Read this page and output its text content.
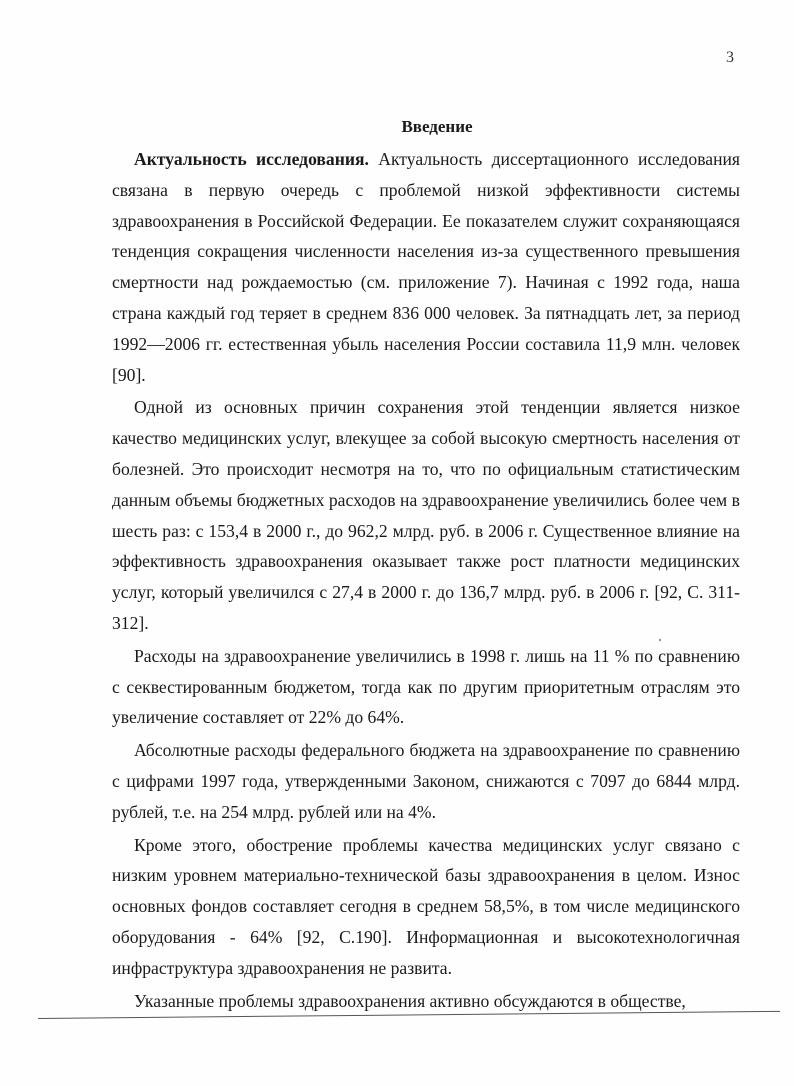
3
Введение

Актуальность исследования. Актуальность диссертационного исследования связана в первую очередь с проблемой низкой эффективности системы здравоохранения в Российской Федерации. Ее показателем служит сохраняющаяся тенденция сокращения численности населения из-за существенного превышения смертности над рождаемостью (см. приложение 7). Начиная с 1992 года, наша страна каждый год теряет в среднем 836 000 человек. За пятнадцать лет, за период 1992—2006 гг. естественная убыль населения России составила 11,9 млн. человек [90].

Одной из основных причин сохранения этой тенденции является низкое качество медицинских услуг, влекущее за собой высокую смертность населения от болезней. Это происходит несмотря на то, что по официальным статистическим данным объемы бюджетных расходов на здравоохранение увеличились более чем в шесть раз: с 153,4 в 2000 г., до 962,2 млрд. руб. в 2006 г. Существенное влияние на эффективность здравоохранения оказывает также рост платности медицинских услуг, который увеличился с 27,4 в 2000 г. до 136,7 млрд. руб. в 2006 г. [92, С. 311-312].

Расходы на здравоохранение увеличились в 1998 г. лишь на 11 % по сравнению с секвестированным бюджетом, тогда как по другим приоритетным отраслям это увеличение составляет от 22% до 64%.

Абсолютные расходы федерального бюджета на здравоохранение по сравнению с цифрами 1997 года, утвержденными Законом, снижаются с 7097 до 6844 млрд. рублей, т.е. на 254 млрд. рублей или на 4%.

Кроме этого, обострение проблемы качества медицинских услуг связано с низким уровнем материально-технической базы здравоохранения в целом. Износ основных фондов составляет сегодня в среднем 58,5%, в том числе медицинского оборудования - 64% [92, С.190]. Информационная и высокотехнологичная инфраструктура здравоохранения не развита.

Указанные проблемы здравоохранения активно обсуждаются в обществе,
